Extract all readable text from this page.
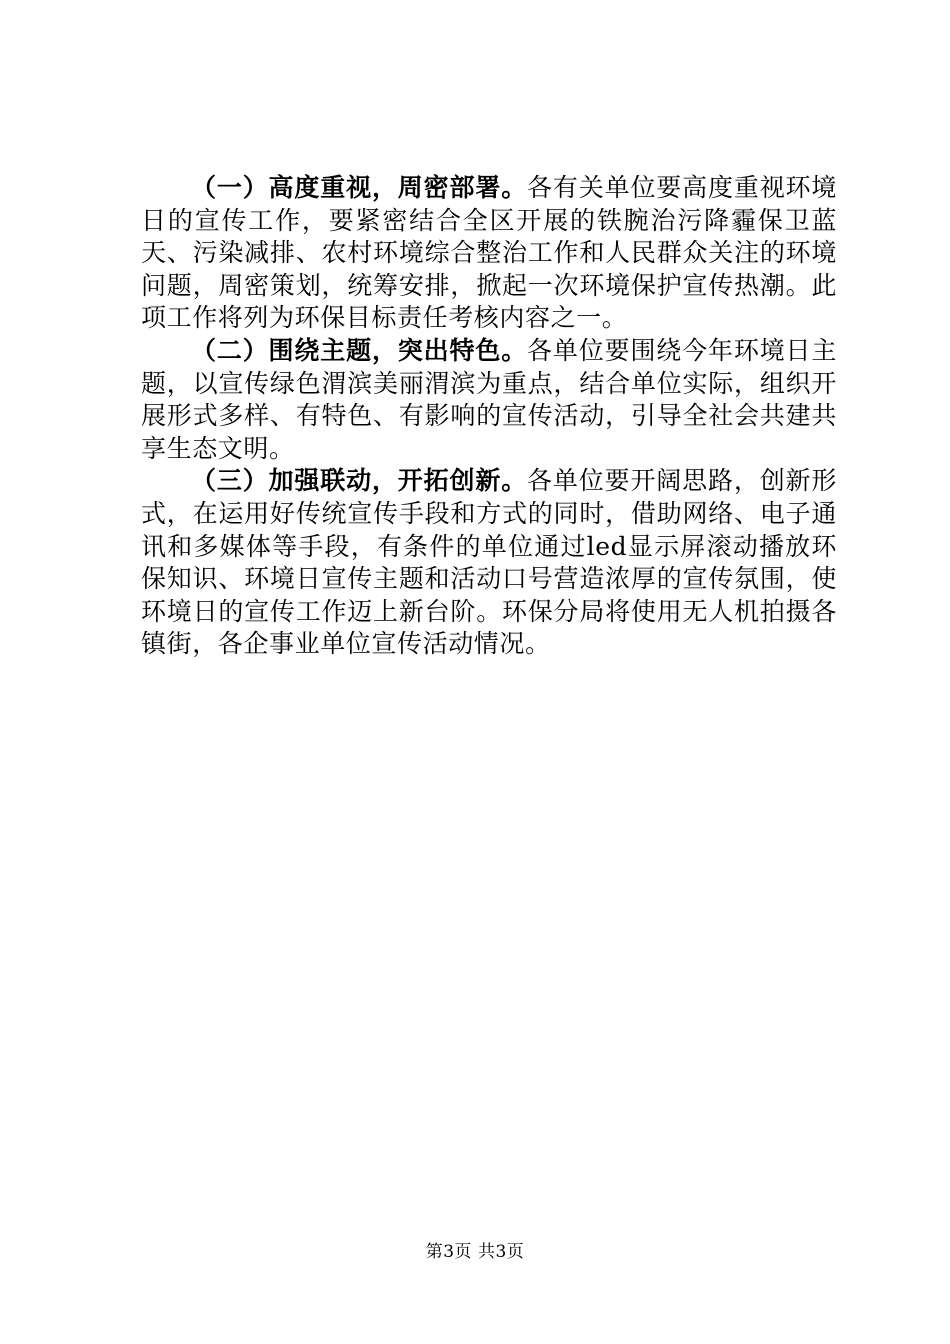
（一）高度重视，周密部署。各有关单位要高度重视环境日的宣传工作，要紧密结合全区开展的铁腕治污降霾保卫蓝天、污染减排、农村环境综合整治工作和人民群众关注的环境问题，周密策划，统筹安排，掀起一次环境保护宣传热潮。此项工作将列为环保目标责任考核内容之一。

（二）围绕主题，突出特色。各单位要围绕今年环境日主题，以宣传绿色渭滨美丽渭滨为重点，结合单位实际，组织开展形式多样、有特色、有影响的宣传活动，引导全社会共建共享生态文明。

（三）加强联动，开拓创新。各单位要开阔思路，创新形式，在运用好传统宣传手段和方式的同时，借助网络、电子通讯和多媒体等手段，有条件的单位通过led显示屏滚动播放环保知识、环境日宣传主题和活动口号营造浓厚的宣传氛围，使环境日的宣传工作迈上新台阶。环保分局将使用无人机拍摄各镇街，各企事业单位宣传活动情况。

第3页 共3页
